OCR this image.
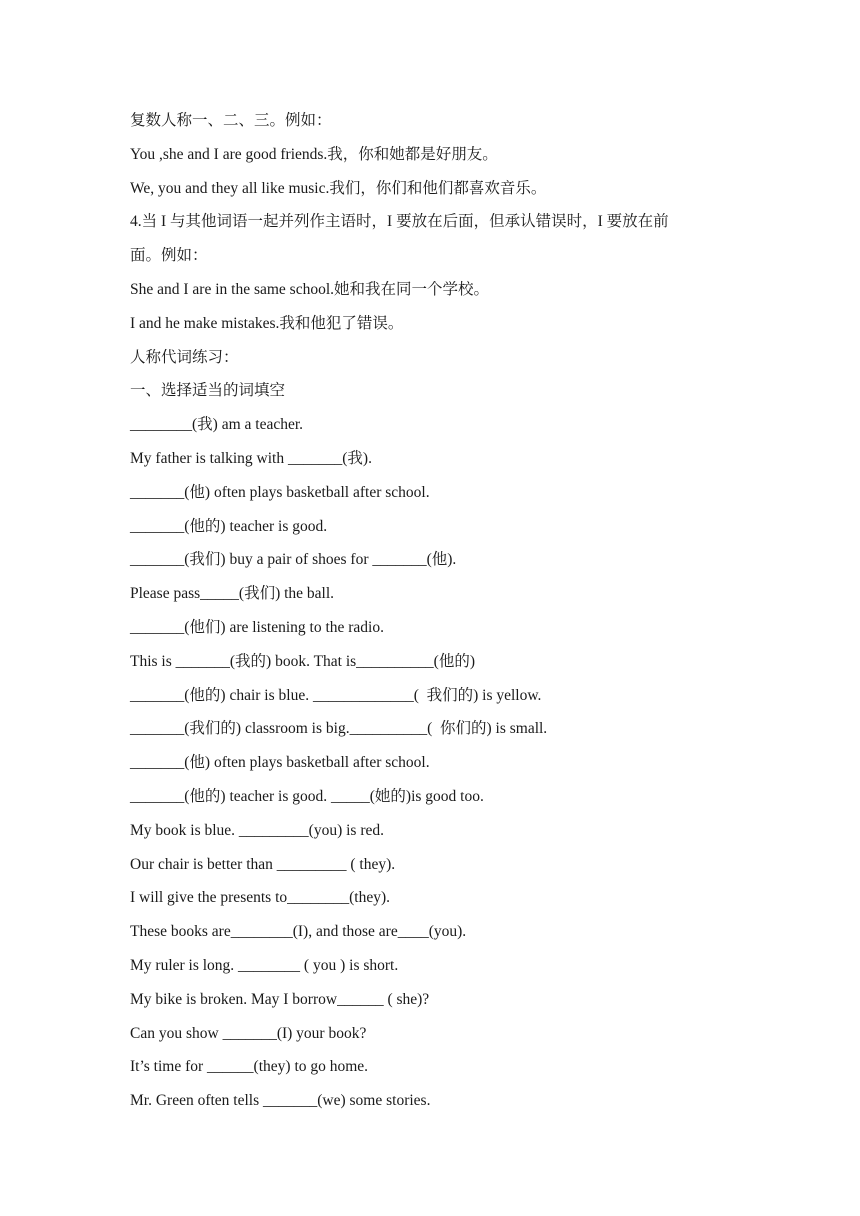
复数人称一、二、三。例如：
You ,she and I are good friends.我，你和她都是好朋友。
We, you and they all like music.我们，你们和他们都喜欢音乐。
4.当 I 与其他词语一起并列作主语时，I 要放在后面，但承认错误时，I 要放在前
面。例如：
She and I are in the same school.她和我在同一个学校。
I and he make mistakes.我和他犯了错误。
人称代词练习：
一、选择适当的词填空
________(我) am a teacher.
My father is talking with _______(我).
_______(他) often plays basketball after school.
_______(他的) teacher is good.
_______(我们) buy a pair of shoes for _______(他).
Please pass_____(我们) the ball.
_______(他们) are listening to the radio.
This is _______(我的) book. That is__________(他的)
_______(他的) chair is blue. _____________(  我们的) is yellow.
_______(我们的) classroom is big.__________(  你们的) is small.
_______(他) often plays basketball after school.
_______(他的) teacher is good. _____(她的)is good too.
My book is blue. _________(you) is red.
Our chair is better than _________ ( they).
I will give the presents to________(they).
These books are________(I), and those are____(you).
My ruler is long. ________ ( you ) is short.
My bike is broken. May I borrow______ ( she)?
Can you show _______(I) your book?
It’s time for ______(they) to go home.
Mr. Green often tells _______(we) some stories.
